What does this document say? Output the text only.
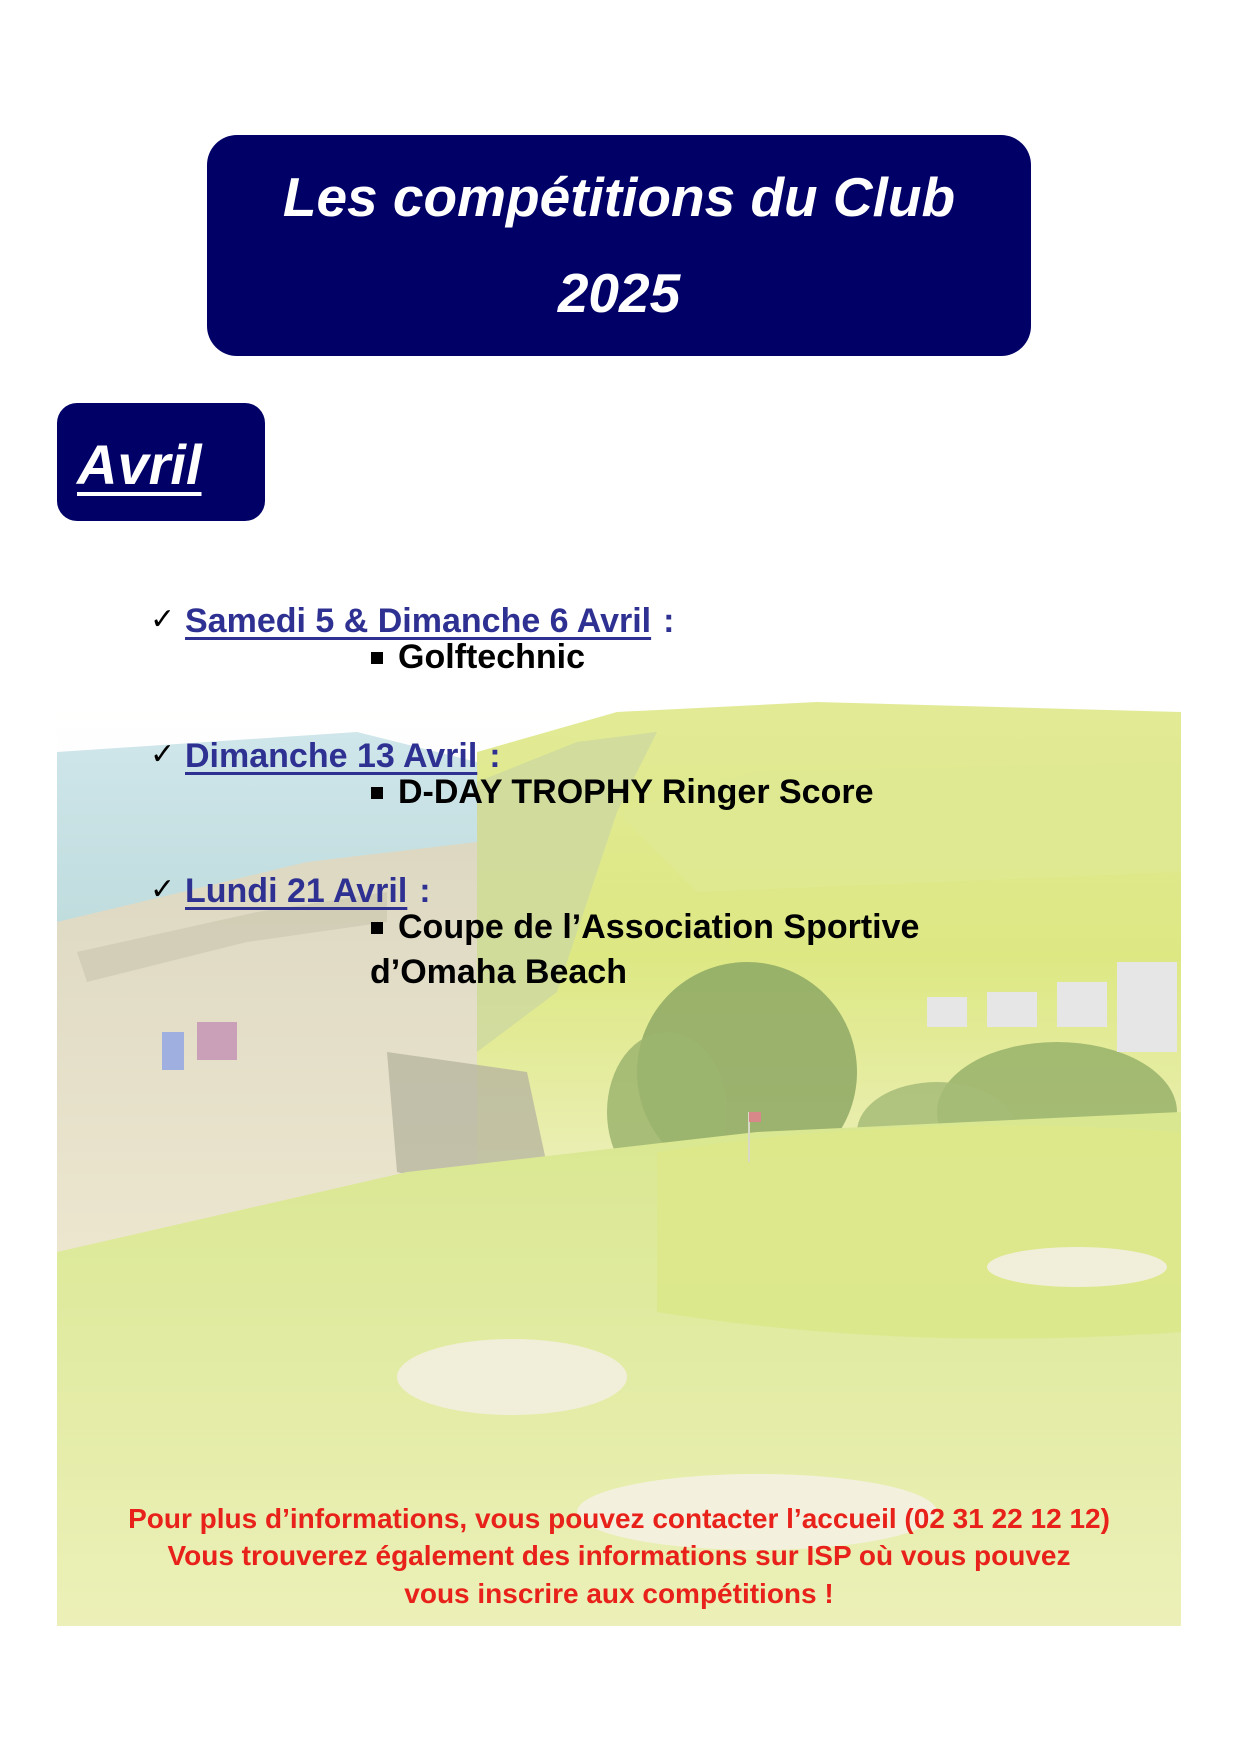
Les compétitions du Club
2025
Avril :
✓ Samedi 5 & Dimanche 6 Avril :
Golftechnic
✓ Dimanche 13 Avril :
D-DAY TROPHY Ringer Score
✓ Lundi 21 Avril :
Coupe de l’Association Sportive
d’Omaha Beach
Pour plus d’informations, vous pouvez contacter l’accueil (02 31 22 12 12)
Vous trouverez également des informations sur ISP où vous pouvez
vous inscrire aux compétitions !
